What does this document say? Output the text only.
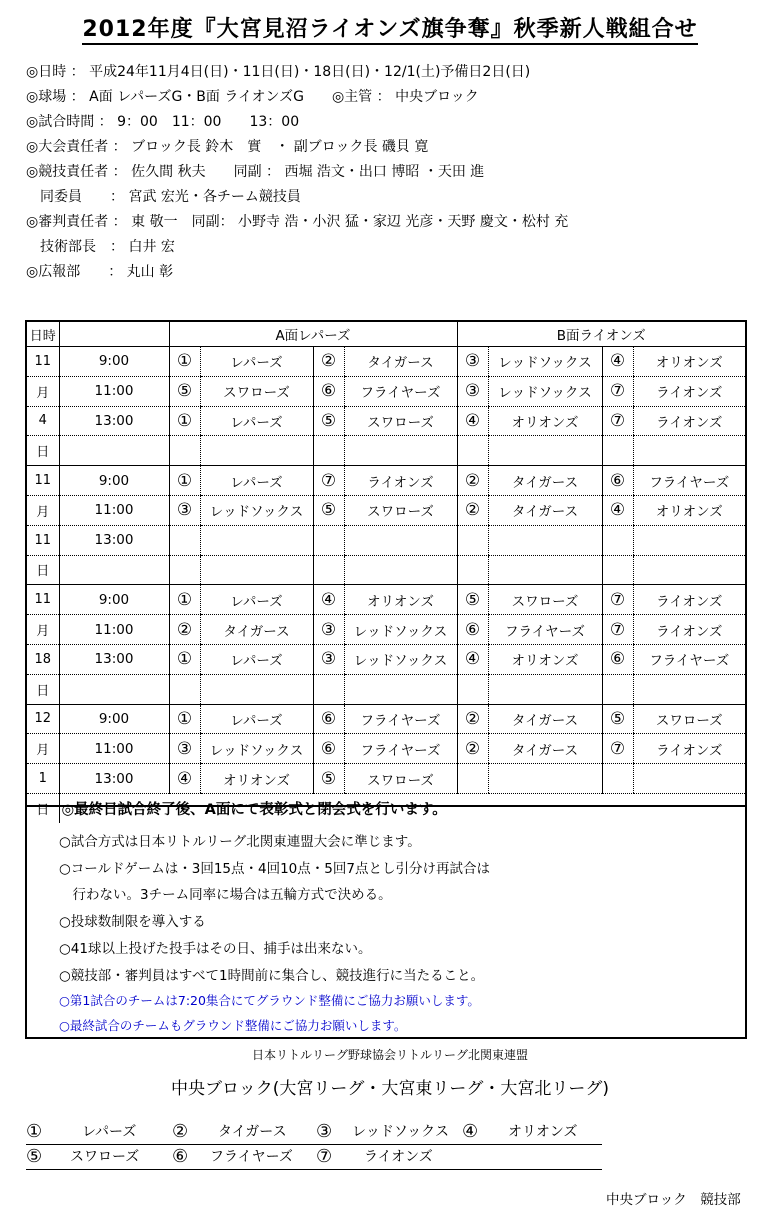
2012年度『大宮見沼ライオンズ旗争奪』秋季新人戦組合せ
◎日時 ： 平成24年11月4日(日)・11日(日)・18日(日)・12/1(土)予備日2日(日)
◎球場 ： A面 レパーズG・B面 ライオンズG　　◎主管 ： 中央ブロック
◎試合時間 ： 9：00　11：00　　13：00
◎大会責任者 ： ブロック長 鈴木　實　・ 副ブロック長 磯貝 寛
◎競技責任者 ： 佐久間 秋夫　　同副 ： 西堀 浩文・出口 博昭 ・天田 進
　同委員　　： 宮武 宏光・各チーム競技員
◎審判責任者 ： 東 敬一　同副： 小野寺 浩・小沢 猛・家辺 光彦・天野 慶文・松村 充
　技術部長　： 白井 宏
◎広報部　　： 丸山 彰
日時		A面レパーズ				B面ライオンズ			
11	9:00	①	レパーズ	②	タイガース	③	レッドソックス	④	オリオンズ
月	11:00	⑤	スワローズ	⑥	フライヤーズ	③	レッドソックス	⑦	ライオンズ
4	13:00	①	レパーズ	⑤	スワローズ	④	オリオンズ	⑦	ライオンズ
日									
11	9:00	①	レパーズ	⑦	ライオンズ	②	タイガース	⑥	フライヤーズ
月	11:00	③	レッドソックス	⑤	スワローズ	②	タイガース	④	オリオンズ
11	13:00								
日									
11	9:00	①	レパーズ	④	オリオンズ	⑤	スワローズ	⑦	ライオンズ
月	11:00	②	タイガース	③	レッドソックス	⑥	フライヤーズ	⑦	ライオンズ
18	13:00	①	レパーズ	③	レッドソックス	④	オリオンズ	⑥	フライヤーズ
日									
12	9:00	①	レパーズ	⑥	フライヤーズ	②	タイガース	⑤	スワローズ
月	11:00	③	レッドソックス	⑥	フライヤーズ	②	タイガース	⑦	ライオンズ
1	13:00	④	オリオンズ	⑤	スワローズ				
日	◎最終日試合終了後、A面にて表彰式と閉会式を行います。								
○試合方式は日本リトルリーグ北関東連盟大会に準じます。
○コールドゲームは・3回15点・4回10点・5回7点とし引分け再試合は
　行わない。3チーム同率に場合は五輪方式で決める。
○投球数制限を導入する
○41球以上投げた投手はその日、捕手は出来ない。
○競技部・審判員はすべて1時間前に集合し、競技進行に当たること。
○第1試合のチームは7:20集合にてグラウンド整備にご協力お願いします。
○最終試合のチームもグラウンド整備にご協力お願いします。
日本リトルリーグ野球協会リトルリーグ北関東連盟
中央ブロック(大宮リーグ・大宮東リーグ・大宮北リーグ)
①	レパーズ ② タイガース ③ レッドソックス ④ オリオンズ
⑤ スワローズ ⑥ フライヤーズ ⑦ ライオンズ
中央ブロック　競技部
